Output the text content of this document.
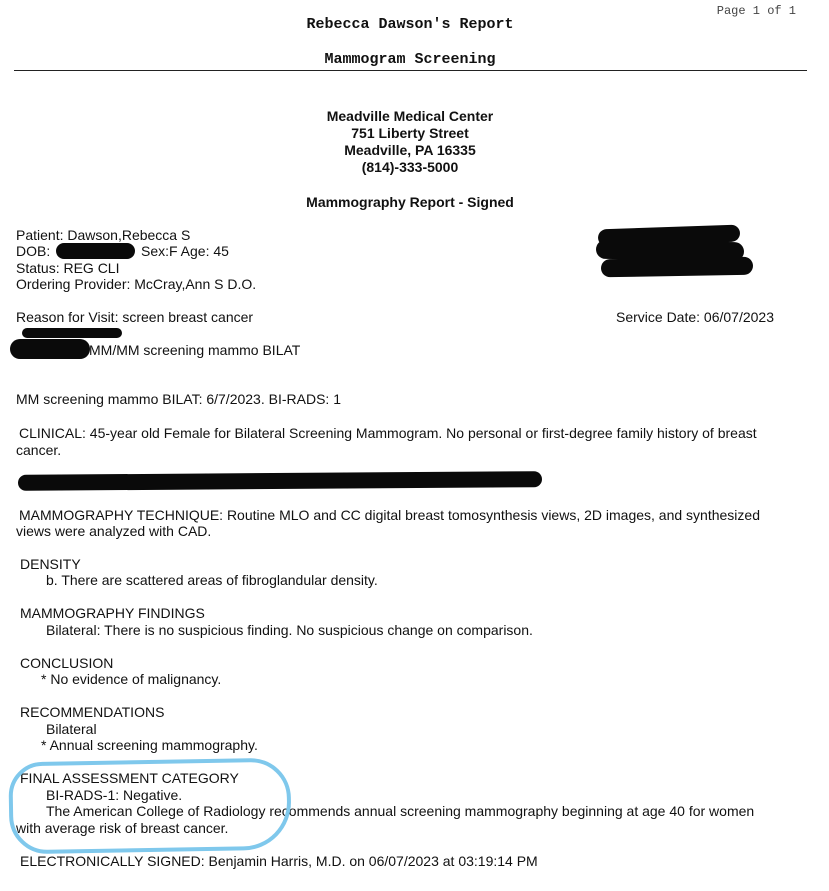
Page 1 of 1
Rebecca Dawson's Report
Mammogram Screening
Meadville Medical Center
751 Liberty Street
Meadville, PA 16335
(814)-333-5000
Mammography Report - Signed
Patient: Dawson,Rebecca S
DOB:	Sex:F Age: 45
Status: REG CLI
Ordering Provider: McCray,Ann S D.O.
Reason for Visit: screen breast cancer	Service Date: 06/07/2023
MM/MM screening mammo BILAT
MM screening mammo BILAT: 6/7/2023. BI-RADS: 1
CLINICAL: 45-year old Female for Bilateral Screening Mammogram. No personal or first-degree family history of breast
cancer.
MAMMOGRAPHY TECHNIQUE: Routine MLO and CC digital breast tomosynthesis views, 2D images, and synthesized
views were analyzed with CAD.
DENSITY
b. There are scattered areas of fibroglandular density.
MAMMOGRAPHY FINDINGS
Bilateral: There is no suspicious finding. No suspicious change on comparison.
CONCLUSION
* No evidence of malignancy.
RECOMMENDATIONS
Bilateral
* Annual screening mammography.
FINAL ASSESSMENT CATEGORY
BI-RADS-1: Negative.
The American College of Radiology recommends annual screening mammography beginning at age 40 for women
with average risk of breast cancer.
ELECTRONICALLY SIGNED: Benjamin Harris, M.D. on 06/07/2023 at 03:19:14 PM
